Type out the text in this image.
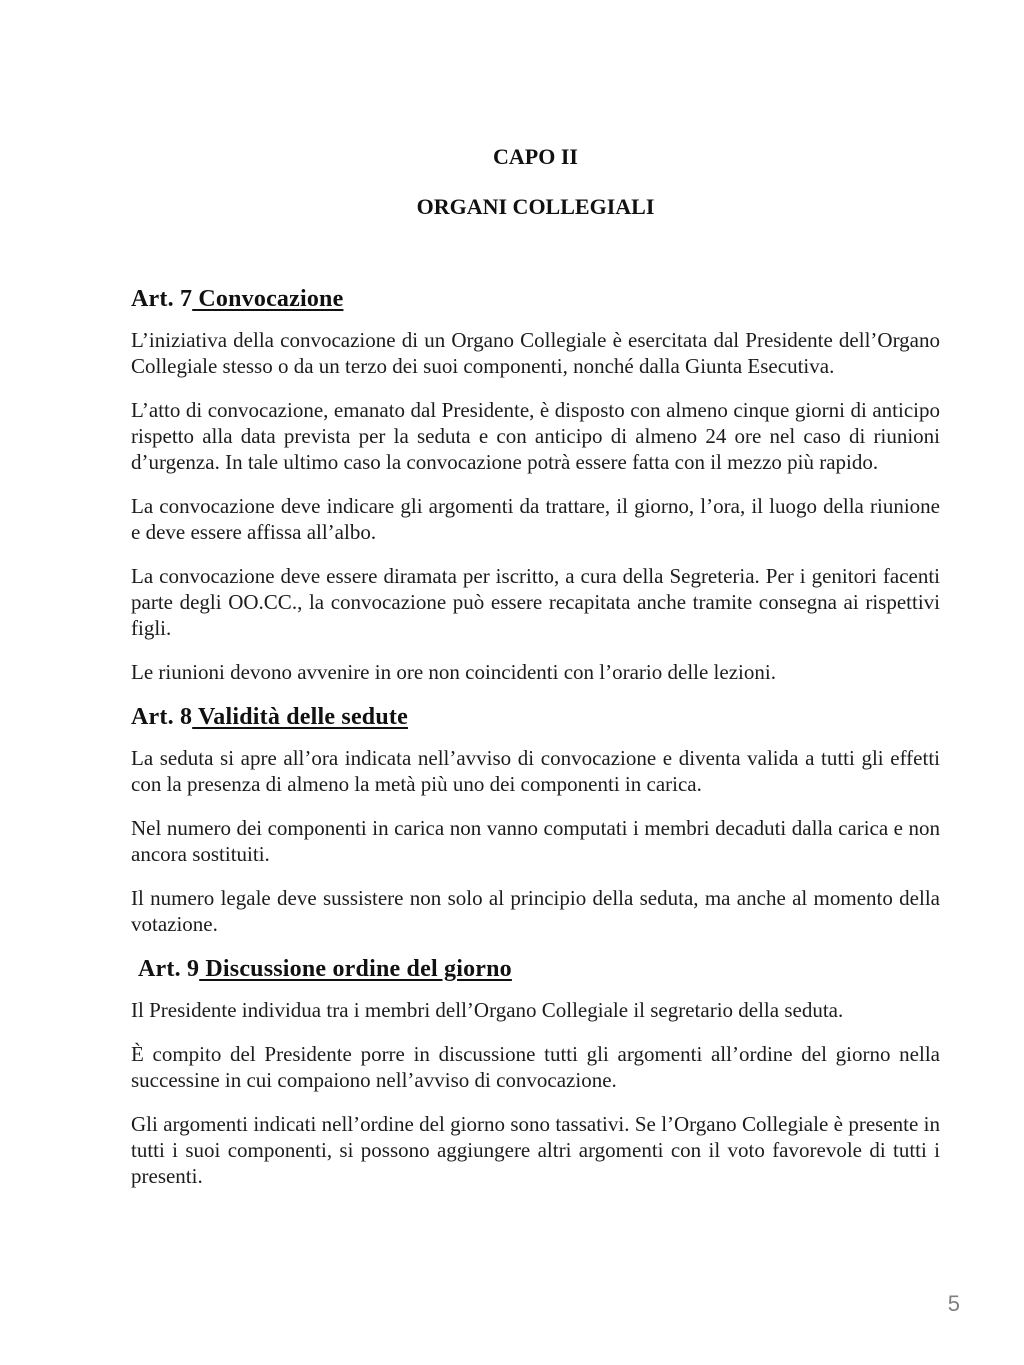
CAPO II
ORGANI COLLEGIALI
Art. 7 Convocazione

L’iniziativa della convocazione di un Organo Collegiale è esercitata dal Presidente dell’Organo Collegiale stesso o da un terzo dei suoi componenti, nonché dalla Giunta Esecutiva.

L’atto di convocazione, emanato dal Presidente, è disposto con almeno cinque giorni di anticipo rispetto alla data prevista per la seduta e con anticipo di almeno 24 ore nel caso di riunioni d’urgenza. In tale ultimo caso la convocazione potrà essere fatta con il mezzo più rapido.

La convocazione deve indicare gli argomenti da trattare, il giorno, l’ora, il luogo della riunione e deve essere affissa all’albo.

La convocazione deve essere diramata per iscritto, a cura della Segreteria. Per i genitori facenti parte degli OO.CC., la convocazione può essere recapitata anche tramite consegna ai rispettivi figli.

Le riunioni devono avvenire in ore non coincidenti con l’orario delle lezioni.

Art. 8 Validità delle sedute

La seduta si apre all’ora indicata nell’avviso di convocazione e diventa valida a tutti gli effetti con la presenza di almeno la metà più uno dei componenti in carica.

Nel numero dei componenti in carica non vanno computati i membri decaduti dalla carica e non ancora sostituiti.

Il numero legale deve sussistere non solo al principio della seduta, ma anche al momento della votazione.

Art. 9 Discussione ordine del giorno

Il Presidente individua tra i membri dell’Organo Collegiale il segretario della seduta.

È compito del Presidente porre in discussione tutti gli argomenti all’ordine del giorno nella successine in cui compaiono nell’avviso di convocazione.

Gli argomenti indicati nell’ordine del giorno sono tassativi. Se l’Organo Collegiale è presente in tutti i suoi componenti, si possono aggiungere altri argomenti con il voto favorevole di tutti i presenti.

5
